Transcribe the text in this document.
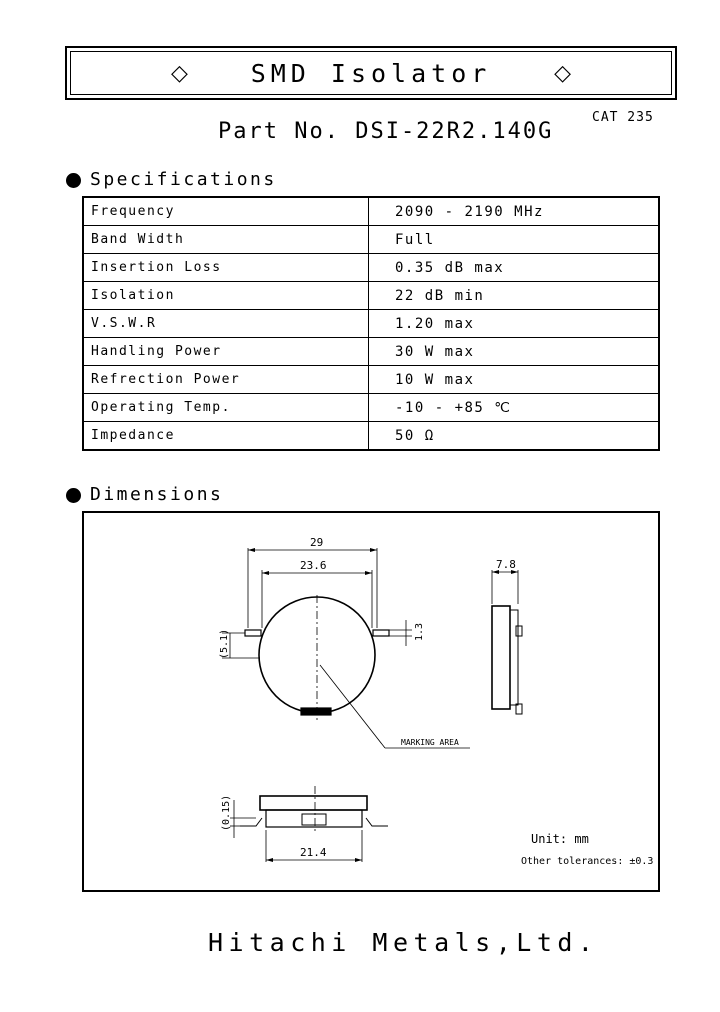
◇	SMD Isolator	◇
CAT 235
Part No. DSI-22R2.140G
Specifications
Frequency	2090 - 2190 MHz
Band Width	Full
Insertion Loss	0.35 dB max
Isolation	22 dB min
V.S.W.R	1.20 max
Handling Power	30 W max
Refrection Power	10 W max
Operating Temp.	-10 - +85 ℃
Impedance	50 Ω
Dimensions
29
23.6
(5.1)	1.3
7.8
MARKING AREA
(0.15)
21.4
Unit: mm
Other tolerances: ±0.3
Hitachi Metals,Ltd.
